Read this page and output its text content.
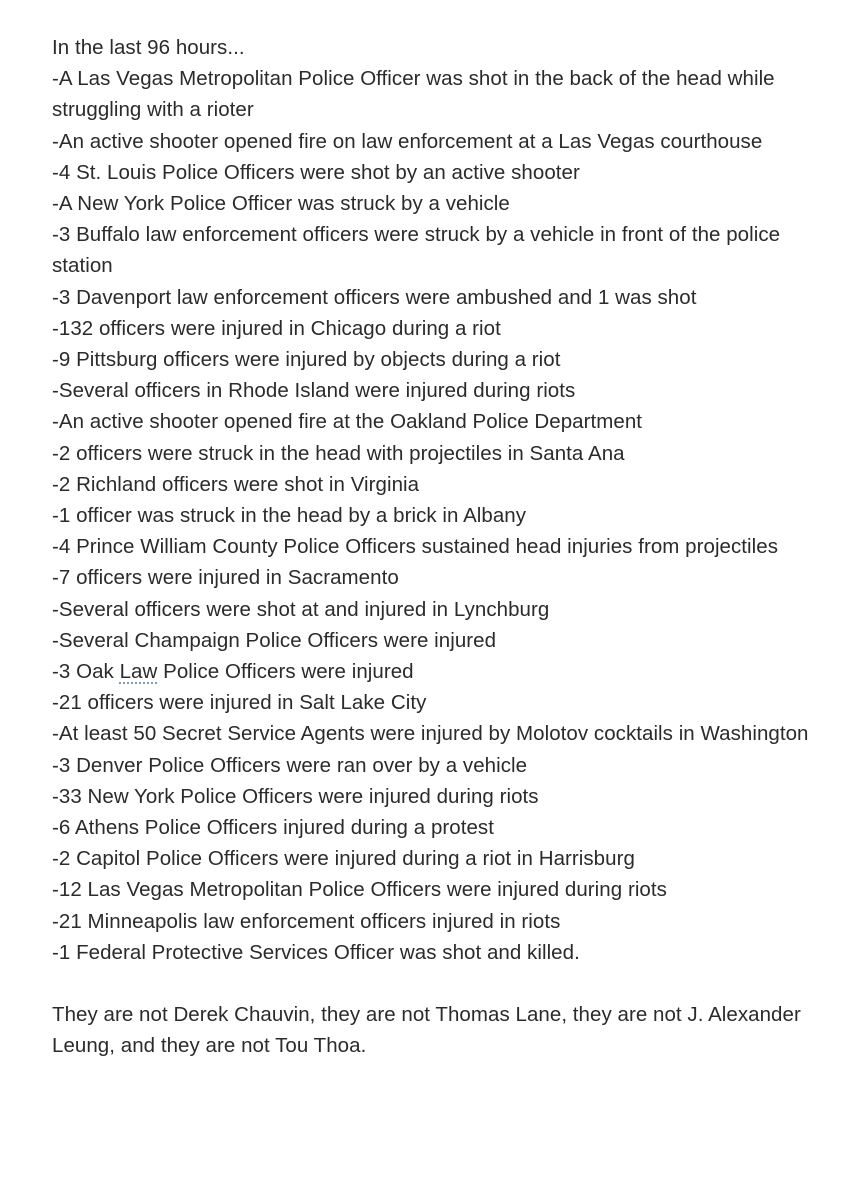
In the last 96 hours...

-A Las Vegas Metropolitan Police Officer was shot in the back of the head while struggling with a rioter

-An active shooter opened fire on law enforcement at a Las Vegas courthouse

-4 St. Louis Police Officers were shot by an active shooter

-A New York Police Officer was struck by a vehicle

-3 Buffalo law enforcement officers were struck by a vehicle in front of the police station

-3 Davenport law enforcement officers were ambushed and 1 was shot

-132 officers were injured in Chicago during a riot

-9 Pittsburg officers were injured by objects during a riot

-Several officers in Rhode Island were injured during riots

-An active shooter opened fire at the Oakland Police Department

-2 officers were struck in the head with projectiles in Santa Ana

-2 Richland officers were shot in Virginia

-1 officer was struck in the head by a brick in Albany

-4 Prince William County Police Officers sustained head injuries from projectiles

-7 officers were injured in Sacramento

-Several officers were shot at and injured in Lynchburg

-Several Champaign Police Officers were injured

-3 Oak Law Police Officers were injured

-21 officers were injured in Salt Lake City

-At least 50 Secret Service Agents were injured by Molotov cocktails in Washington

-3 Denver Police Officers were ran over by a vehicle

-33 New York Police Officers were injured during riots

-6 Athens Police Officers injured during a protest

-2 Capitol Police Officers were injured during a riot in Harrisburg

-12 Las Vegas Metropolitan Police Officers were injured during riots

-21 Minneapolis law enforcement officers injured in riots

-1 Federal Protective Services Officer was shot and killed.

They are not Derek Chauvin, they are not Thomas Lane, they are not J. Alexander Leung, and they are not Tou Thoa.
